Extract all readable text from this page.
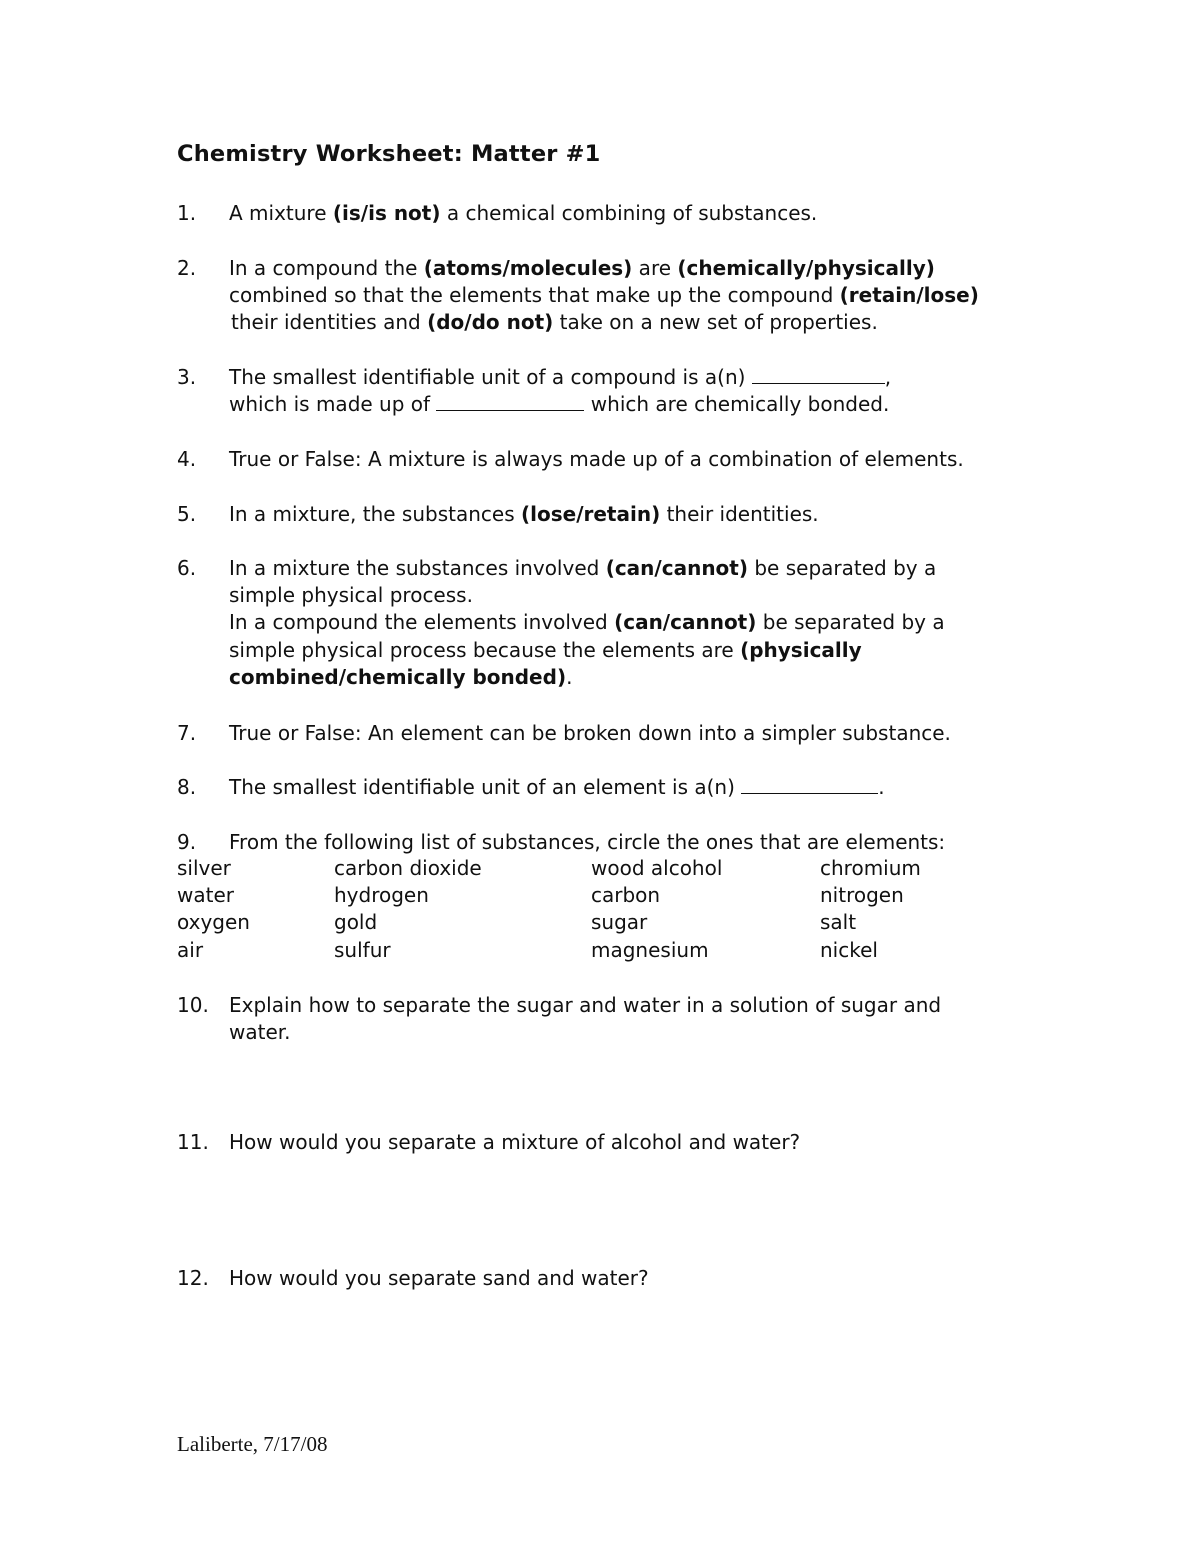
Chemistry Worksheet: Matter #1
1. A mixture (is/is not) a chemical combining of substances.
2. In a compound the (atoms/molecules) are (chemically/physically)
combined so that the elements that make up the compound (retain/lose)
their identities and (do/do not) take on a new set of properties.
3. The smallest identifiable unit of a compound is a(n)	,
which is made up of	which are chemically bonded.
4. True or False: A mixture is always made up of a combination of elements.
5. In a mixture, the substances (lose/retain) their identities.
6. In a mixture the substances involved (can/cannot) be separated by a
simple physical process.
In a compound the elements involved (can/cannot) be separated by a
simple physical process because the elements are (physically
combined/chemically bonded).
7. True or False: An element can be broken down into a simpler substance.
8. The smallest identifiable unit of an element is a(n)	.
9. From the following list of substances, circle the ones that are elements:
silver	carbon dioxide	wood alcohol	chromium
water	hydrogen	carbon	nitrogen
oxygen	gold	sugar	salt
air	sulfur	magnesium	nickel
10. Explain how to separate the sugar and water in a solution of sugar and
water.
11. How would you separate a mixture of alcohol and water?
12. How would you separate sand and water?
Laliberte, 7/17/08
